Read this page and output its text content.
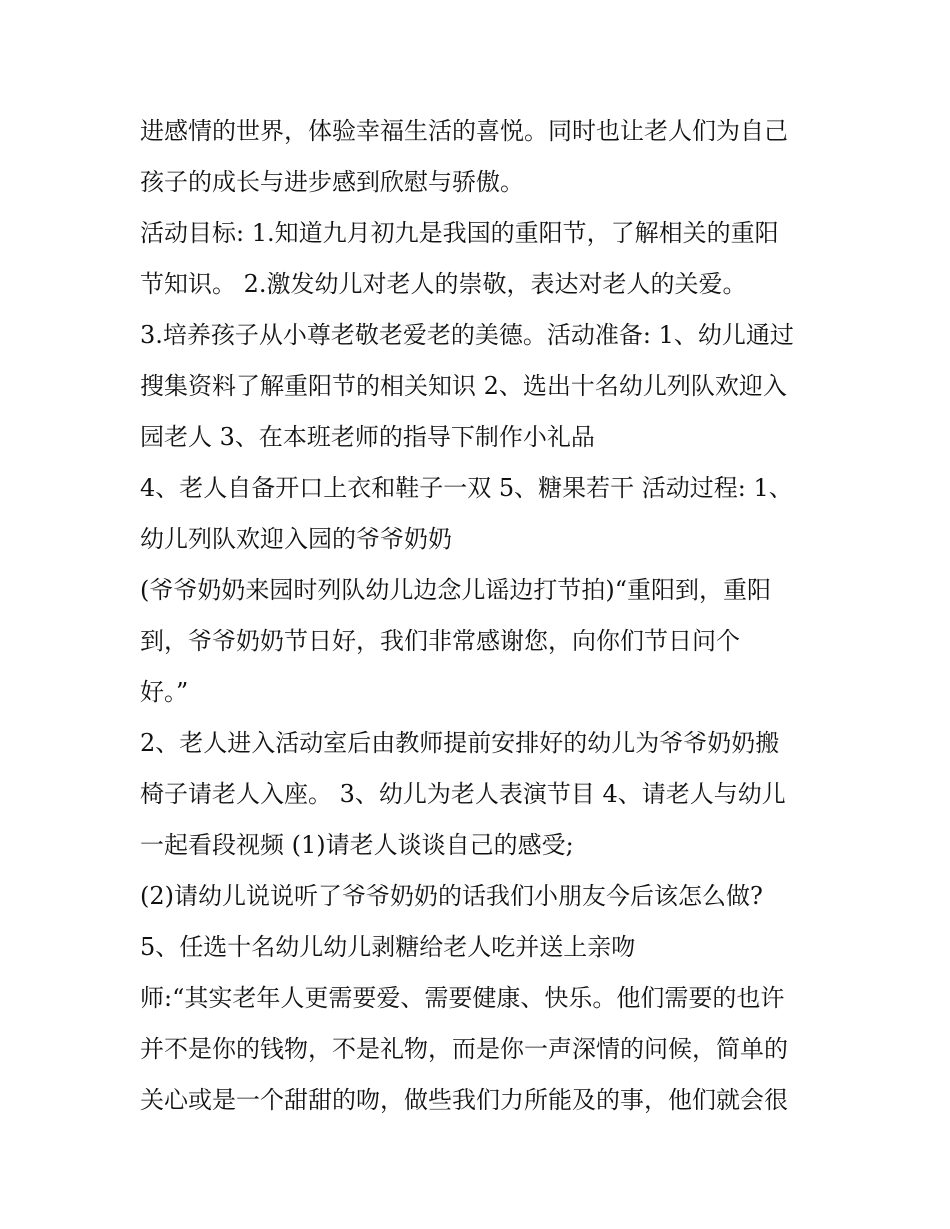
进感情的世界，体验幸福生活的喜悦。同时也让老人们为自己
孩子的成长与进步感到欣慰与骄傲。
活动目标: 1.知道九月初九是我国的重阳节，了解相关的重阳
节知识。 2.激发幼儿对老人的崇敬，表达对老人的关爱。
3.培养孩子从小尊老敬老爱老的美德。活动准备: 1、幼儿通过
搜集资料了解重阳节的相关知识 2、选出十名幼儿列队欢迎入
园老人 3、在本班老师的指导下制作小礼品
4、老人自备开口上衣和鞋子一双 5、糖果若干 活动过程: 1、
幼儿列队欢迎入园的爷爷奶奶
(爷爷奶奶来园时列队幼儿边念儿谣边打节拍)“重阳到，重阳
到，爷爷奶奶节日好，我们非常感谢您，向你们节日问个
好。”
2、老人进入活动室后由教师提前安排好的幼儿为爷爷奶奶搬
椅子请老人入座。 3、幼儿为老人表演节目 4、请老人与幼儿
一起看段视频 (1)请老人谈谈自己的感受;
(2)请幼儿说说听了爷爷奶奶的话我们小朋友今后该怎么做?
5、任选十名幼儿幼儿剥糖给老人吃并送上亲吻
师:“其实老年人更需要爱、需要健康、快乐。他们需要的也许
并不是你的钱物，不是礼物，而是你一声深情的问候，简单的
关心或是一个甜甜的吻，做些我们力所能及的事，他们就会很
